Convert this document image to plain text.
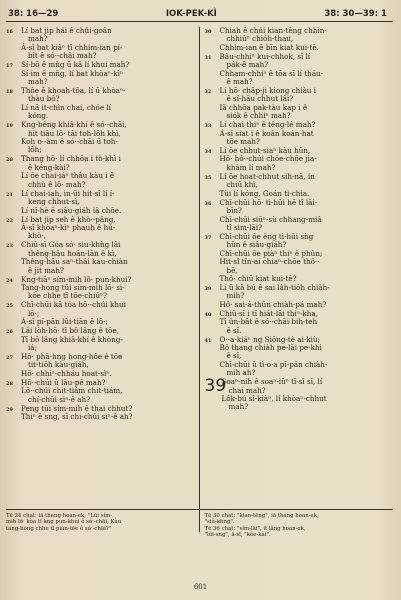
38: 16—29	IOK-PEK-KÌ	38: 30—39: 1
16	Lí bat jip hái ê chúi-goân
mah?
Á-sī bat kiâⁿ tī chhim-ian pí-
bīt ê só·-chāi mah?
17	Sí-bō ê mn̄g ū kā lí khui mah?
Sí-im ê mn̄g, lí bat khòaⁿ-kìⁿ
mah?
18	Thôe ê khoah-tōa, lí ū khòaⁿ-
thàu bô?
Lí nā it-chìn chai, chóe lí
kóng.
19	Kng-bêng khiā-khí ê só·-chāi,
hit tiâu lō· tāi toh-lôh khì,
Koh o·-àm ê só·-chāi ū toh-
lôh;
20	Thang hō· lí chhōa i tò-khì i
ê kéng-kài?
Lí ōe chai-iáⁿ thâu kàu i ê
chhù ê lō· mah?
21	Lí chai-iah, in-ūi hit-sî lí í-
keng chhut-sì,
Lí nî-hè ê siâu-giáh iā chōe.
22	Lí bat jip seh ê khò·-pâng,
Á-sī khòaⁿ-kìⁿ phauh ê hú-
khò·,
23	Chiū-sī Góa só· siu-khǹg lâi
thêng-hāu hoān-lān ê kì,
Thêng-hāu saⁿ-thâi kau-chiàn
ê jit mah?
24	Kng-tiāⁿ sím-mih lō· pun-khui?
Tang-hong tūi sím-mih lō· si-
kòe chhe tī tōe-chiūⁿ?
25	Chī-chūi kā tōa hō·-chúi khui
lō·;
Á-sī pí-pān lûi-tiān ê lō·;
26	Lâi lòh-hō· tī bô lâng ê tōe,
Tī bô lâng khiā-khí ê khòng-
iá;
27	Hō· phā-hng hong-hôe ê tōe
tit-tiōh kàu-giáh,
Hō· chhiⁿ-chháu hoat-sìⁿ.
28	Hō·-chúi ū lāu-pē mah?
Lō·-chúi chit-tiám chit-tiám,
chí-chūi siⁿ-ê ah?
29	Peng tūi sím-mih ê thai chhut?
Thiⁿ ê sng, sī chi-chūi siⁿ-ê ah?
30	Chiah ê chúi kian-tēng chhìn-
chhiūⁿ chióh-thau,
Chhim-ian ê bīn kiat kui-tè.
31	Bâu-chhiⁿ kui-chhok, sī lí
pák-ê mah?
Chham-chhiⁿ ê tōa sī lí tháu-
ê mah?
32	Lí hō· chāp-ji kiong chiàu i
ê sî-hāu chhut lâi?
Iā chhōa pak-tàu kap i ê
siók ê chhiⁿ mah?
33	Lí chai thiⁿ ê têng-lê mah?
Á-sī siat i ê koân koán-hat
tōe mah?
34	Lí ōe chhut-siaⁿ kàu hûn,
Hō· hō·-chúi chōe-chōe jia-
khàm lí mah?
35	Lí ōe hoat-chhut sih-nā, in
chiū khì,
Tùi lí kóng, Goán ti-chia.
36	Chī-chūi hō· tì-hūi hē tī lāi-
bīn?
Chī-chūi siūⁿ-sù chhang-miâ
tī sim-lāi?
37	Chī-chūi ōe ēng tì-hūi sǹg
hûn ê siâu-giáh?
Chī-chūi ōe piàⁿ thiⁿ ê phûn;
Hit-sî tîn-ai chiaⁿ-chōe thô·-
bē,
Thô· chiū kiat kui-tè?
39	Lí ū kā bú ê sai lâh-tiōh chiàh-
mih?
Hō· sai-á-thūn chiàh-pá mah?
40	Chiū-sī i tī hiát-lāi thiⁿ-kha,
Tī ûn-bât ê só·-chāi bih-teh
ê sî.
41	O·-a-kiáⁿ ng Siōng-tè ai-kiù;
Bô thang chiàh pe-lāi pe-khì
ê sî,
Chī-chūi ū tì-o·a pī-pān chiàh-
mih ah?
39
Soaⁿ-nih ê soaⁿ-iûⁿ tī-sī sī, lí
chai mah?
Lōk-bú sī-kiàⁿ, lí khòaⁿ-chhut
mah?
Tē 24 chat: iā thang hoan-ek, "Lūi sím-
mih lō· kòa tī kng pun-khui ê só·-chāi, Kàu
tang-hong chhe tī piàn-tōe ê só·-chāi?"
Tē 30 chat: "kian-tēng", iā thang hoan-ek,
"siû-khng".
Tē 36 chat: "sim-lāi", ū lâng hoan-ek,
"lúi-sng", ā-sī, "kòe-kài".
601
